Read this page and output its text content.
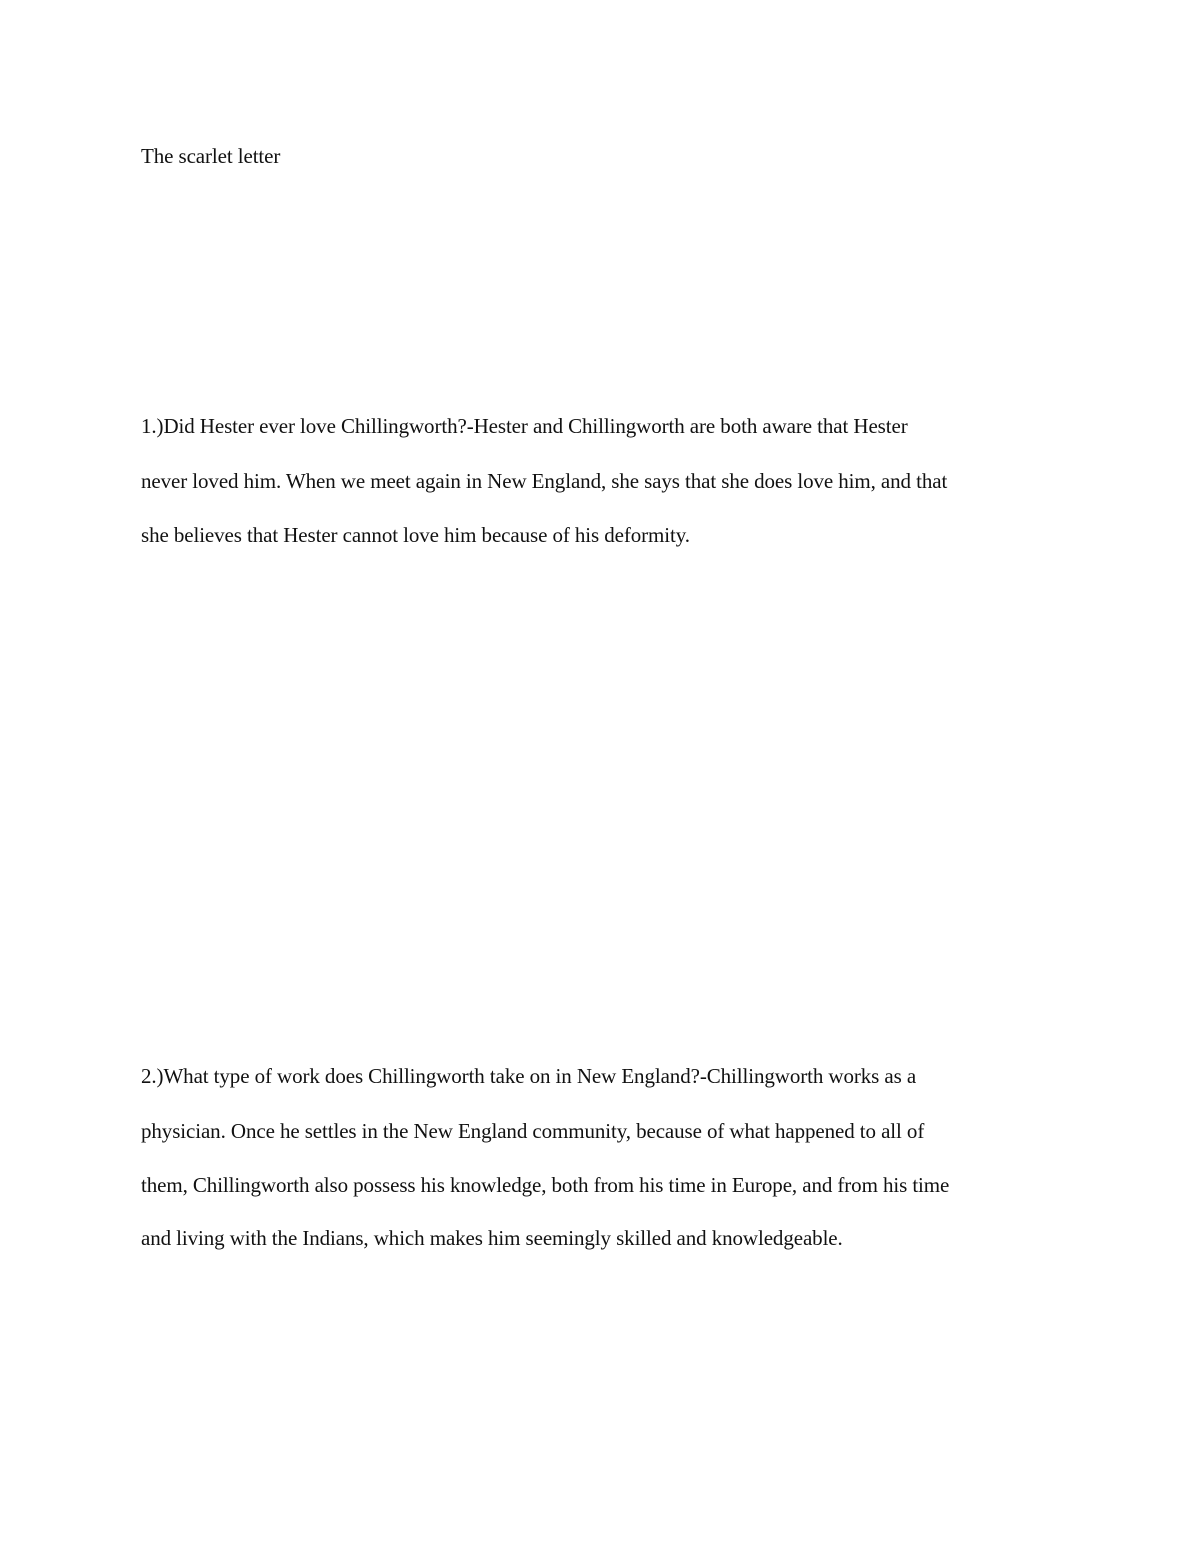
The scarlet letter
1.)Did Hester ever love Chillingworth?-Hester and Chillingworth are both aware that Hester
never loved him. When we meet again in New England, she says that she does love him, and that
she believes that Hester cannot love him because of his deformity.
2.)What type of work does Chillingworth take on in New England?-Chillingworth works as a
physician. Once he settles in the New England community, because of what happened to all of
them, Chillingworth also possess his knowledge, both from his time in Europe, and from his time
and living with the Indians, which makes him seemingly skilled and knowledgeable.
